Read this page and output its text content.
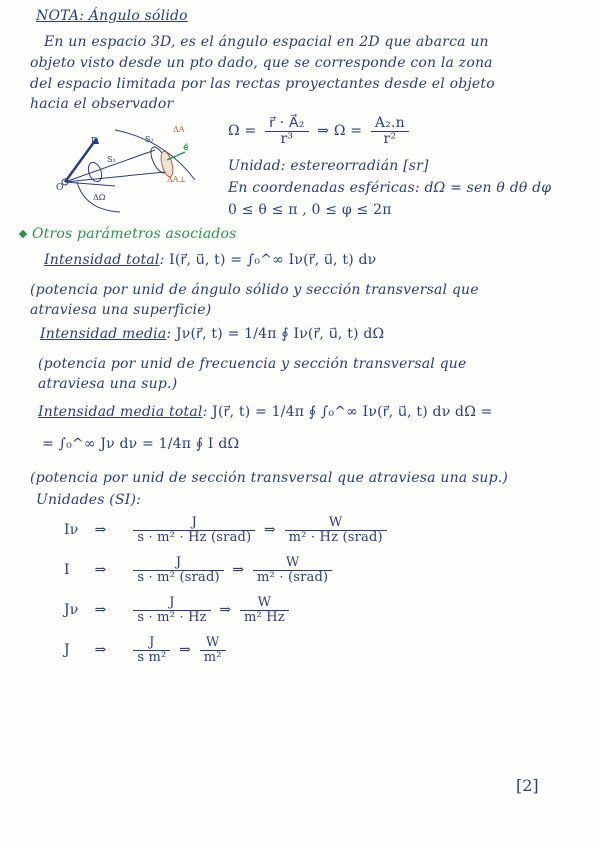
NOTA: Ángulo sólido
En un espacio 3D, es el ángulo espacial en 2D que abarca un
objeto visto desde un pto dado, que se corresponde con la zona
del espacio limitada por las rectas proyectantes desde el objeto
hacia el observador
r
S₁
O
S₂
e⃗
ΔA
ΔA⊥
ΔΩ
$\Omega = \frac{\text{r⃗ · A⃗₂}}{\text{r³}}$ ⇒ $\Omega = \frac{\text{A₂.n}}{\text{r²}}$
Unidad: estereorradián [sr]
En coordenadas esféricas: dΩ = sen θ dθ dφ
0 ≤ θ ≤ π , 0 ≤ φ ≤ 2π
Otros parámetros asociados
Intensidad total: I(r⃗, u⃗, t) = ∫₀^∞ Iν(r⃗, u⃗, t) dν
(potencia por unid de ángulo sólido y sección transversal que
atraviesa una superficie)
Intensidad media: Jν(r⃗, t) = 1/4π ∮ Iν(r⃗, u⃗, t) dΩ
(potencia por unid de frecuencia y sección transversal que
atraviesa una sup.)
Intensidad media total: J(r⃗, t) = 1/4π ∮ ∫₀^∞ Iν(r⃗, u⃗, t) dν dΩ =
= ∫₀^∞ Jν dν = 1/4π ∮ I dΩ
(potencia por unid de sección transversal que atraviesa una sup.)
Unidades (SI):
Iν ⇒ $\frac{J}{\text{s · m² · Hz (srad)}}$ ⇒ $\frac{W}{\text{m² · Hz (srad)}}$
I ⇒ $\frac{J}{\text{s · m² (srad)}}$ ⇒ $\frac{W}{\text{m² · (srad)}}$
Jν ⇒ $\frac{J}{\text{s · m² · Hz}}$ ⇒ $\frac{W}{\text{m² Hz}}$
J ⇒ $\frac{J}{\text{s m²}}$ ⇒ $\frac{W}{\text{m²}}$
[2]
